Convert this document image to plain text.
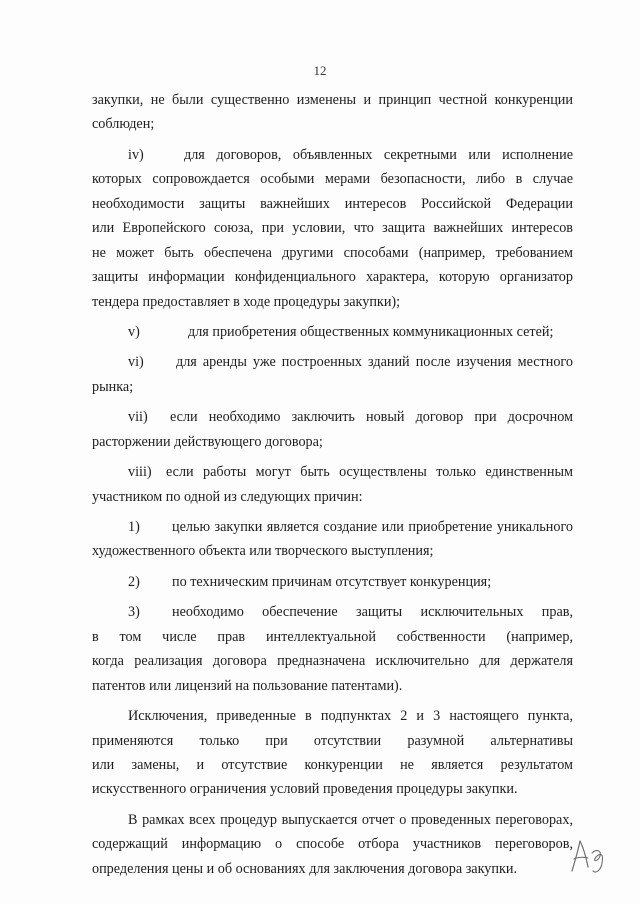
12
закупки, не были существенно изменены и принцип честной конкуренции
соблюден;
iv)	для договоров, объявленных секретными или исполнение
которых сопровождается особыми мерами безопасности, либо в случае
необходимости защиты важнейших интересов Российской Федерации
или Европейского союза, при условии, что защита важнейших интересов
не может быть обеспечена другими способами (например, требованием
защиты информации конфиденциального характера, которую организатор
тендера предоставляет в ходе процедуры закупки);
v)	для приобретения общественных коммуникационных сетей;
vi) для аренды уже построенных зданий после изучения местного
рынка;
vii) если необходимо заключить новый договор при досрочном
расторжении действующего договора;
viii) если работы могут быть осуществлены только единственным
участником по одной из следующих причин:
1) целью закупки является создание или приобретение уникального
художественного объекта или творческого выступления;
2) по техническим причинам отсутствует конкуренция;
3) необходимо обеспечение защиты исключительных прав,
в том числе прав интеллектуальной собственности (например,
когда реализация договора предназначена исключительно для держателя
патентов или лицензий на пользование патентами).
Исключения, приведенные в подпунктах 2 и 3 настоящего пункта,
применяются только при отсутствии разумной альтернативы
или замены, и отсутствие конкуренции не является результатом
искусственного ограничения условий проведения процедуры закупки.
В рамках всех процедур выпускается отчет о проведенных переговорах,
содержащий информацию о способе отбора участников переговоров,
определения цены и об основаниях для заключения договора закупки.
